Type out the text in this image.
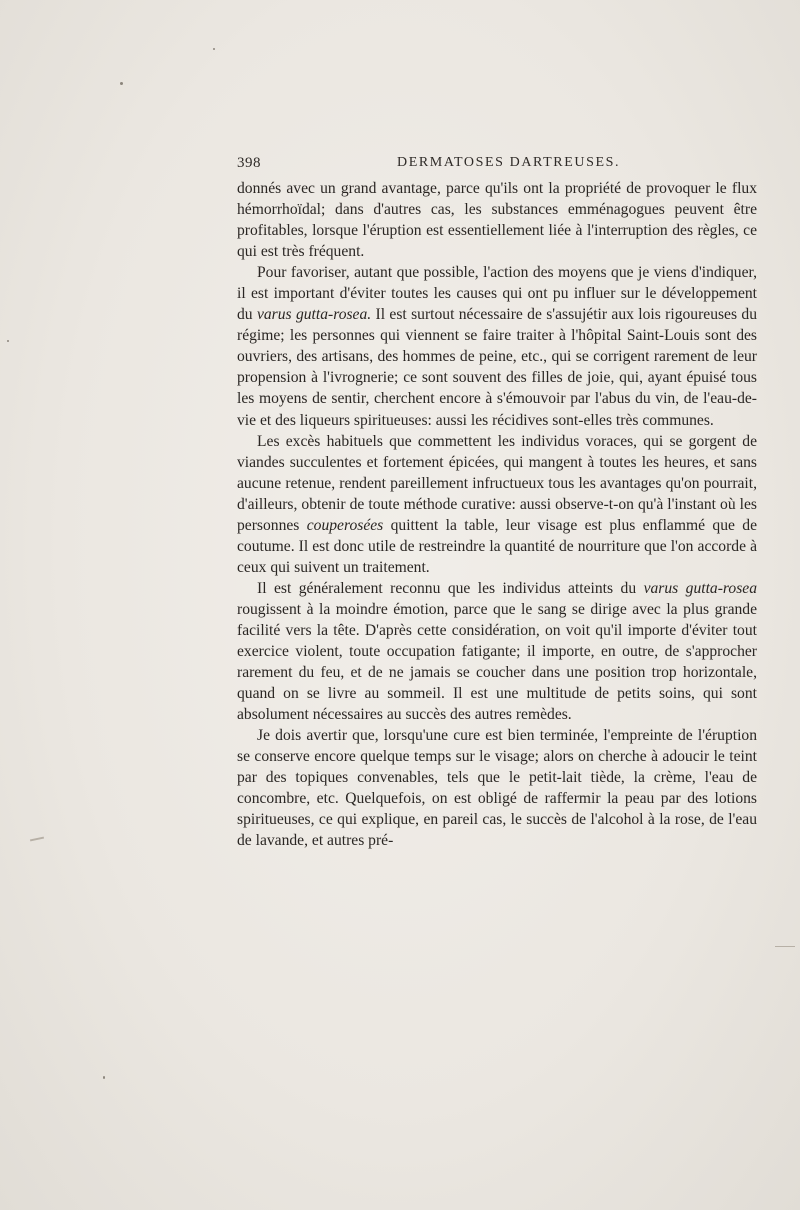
398	DERMATOSES DARTREUSES.

donnés avec un grand avantage, parce qu'ils ont la propriété de provoquer le flux hémorrhoïdal; dans d'autres cas, les substances emménagogues peuvent être profitables, lorsque l'éruption est essentiellement liée à l'interruption des règles, ce qui est très fréquent.

Pour favoriser, autant que possible, l'action des moyens que je viens d'indiquer, il est important d'éviter toutes les causes qui ont pu influer sur le développement du varus gutta-rosea. Il est surtout nécessaire de s'assujétir aux lois rigoureuses du régime; les personnes qui viennent se faire traiter à l'hôpital Saint-Louis sont des ouvriers, des artisans, des hommes de peine, etc., qui se corrigent rarement de leur propension à l'ivrognerie; ce sont souvent des filles de joie, qui, ayant épuisé tous les moyens de sentir, cherchent encore à s'émouvoir par l'abus du vin, de l'eau-de-vie et des liqueurs spiritueuses: aussi les récidives sont-elles très communes.

Les excès habituels que commettent les individus voraces, qui se gorgent de viandes succulentes et fortement épicées, qui mangent à toutes les heures, et sans aucune retenue, rendent pareillement infructueux tous les avantages qu'on pourrait, d'ailleurs, obtenir de toute méthode curative: aussi observe-t-on qu'à l'instant où les personnes couperosées quittent la table, leur visage est plus enflammé que de coutume. Il est donc utile de restreindre la quantité de nourriture que l'on accorde à ceux qui suivent un traitement.

Il est généralement reconnu que les individus atteints du varus gutta-rosea rougissent à la moindre émotion, parce que le sang se dirige avec la plus grande facilité vers la tête. D'après cette considération, on voit qu'il importe d'éviter tout exercice violent, toute occupation fatigante; il importe, en outre, de s'approcher rarement du feu, et de ne jamais se coucher dans une position trop horizontale, quand on se livre au sommeil. Il est une multitude de petits soins, qui sont absolument nécessaires au succès des autres remèdes.

Je dois avertir que, lorsqu'une cure est bien terminée, l'empreinte de l'éruption se conserve encore quelque temps sur le visage; alors on cherche à adoucir le teint par des topiques convenables, tels que le petit-lait tiède, la crème, l'eau de concombre, etc. Quelquefois, on est obligé de raffermir la peau par des lotions spiritueuses, ce qui explique, en pareil cas, le succès de l'alcohol à la rose, de l'eau de lavande, et autres pré-
